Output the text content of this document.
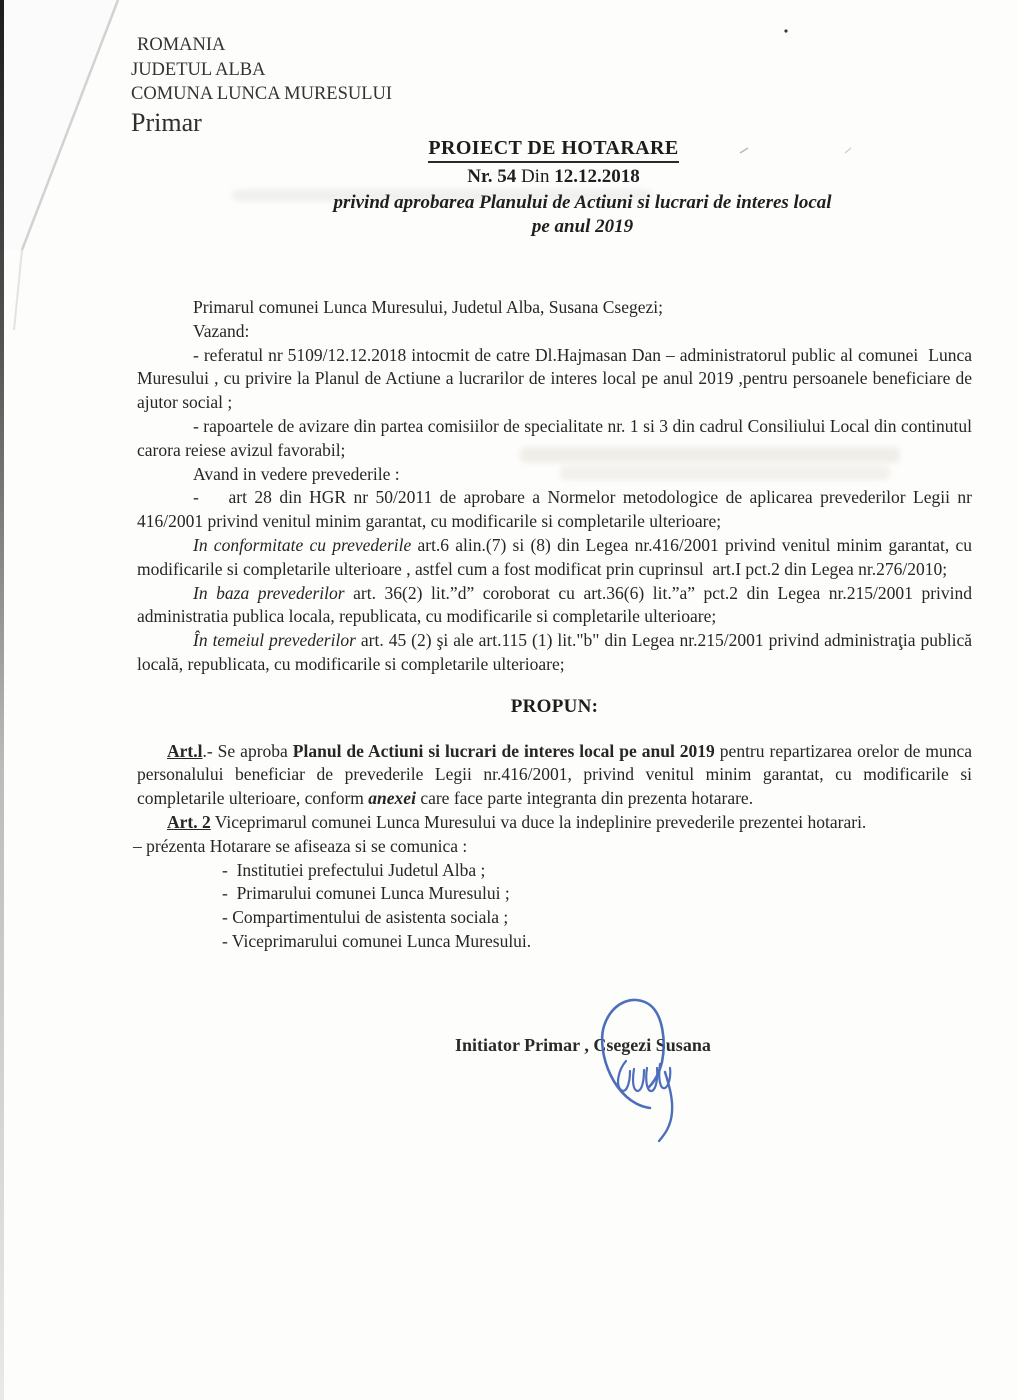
ROMANIA
JUDETUL ALBA
COMUNA LUNCA MURESULUI
Primar
PROIECT DE HOTARARE
Nr. 54 Din 12.12.2018
privind aprobarea Planului de Actiuni si lucrari de interes local
pe anul 2019

Primarul comunei Lunca Muresului, Judetul Alba, Susana Csegezi;

Vazand:

- referatul nr 5109/12.12.2018 intocmit de catre Dl.Hajmasan Dan – administratorul public al comunei  Lunca Muresului , cu privire la Planul de Actiune a lucrarilor de interes local pe anul 2019 ,pentru persoanele beneficiare de ajutor social ;

- rapoartele de avizare din partea comisiilor de specialitate nr. 1 si 3 din cadrul Consiliului Local din continutul carora reiese avizul favorabil;

Avand in vedere prevederile :

-    art 28 din HGR nr 50/2011 de aprobare a Normelor metodologice de aplicarea prevederilor Legii nr 416/2001 privind venitul minim garantat, cu modificarile si completarile ulterioare;

In conformitate cu prevederile art.6 alin.(7) si (8) din Legea nr.416/2001 privind venitul minim garantat, cu modificarile si completarile ulterioare , astfel cum a fost modificat prin cuprinsul  art.I pct.2 din Legea nr.276/2010;

In baza prevederilor art. 36(2) lit.”d” coroborat cu art.36(6) lit.”a” pct.2 din Legea nr.215/2001 privind administratia publica locala, republicata, cu modificarile si completarile ulterioare;

În temeiul prevederilor art. 45 (2) şi ale art.115 (1) lit."b" din Legea nr.215/2001 privind administraţia publică locală, republicata, cu modificarile si completarile ulterioare;

PROPUN:

Art.l.- Se aproba Planul de Actiuni si lucrari de interes local pe anul 2019 pentru repartizarea orelor de munca personalului beneficiar de prevederile Legii nr.416/2001, privind venitul minim garantat, cu modificarile si completarile ulterioare, conform anexei care face parte integranta din prezenta hotarare.

Art. 2 Viceprimarul comunei Lunca Muresului va duce la indeplinire prevederile prezentei hotarari.

– prézenta Hotarare se afiseaza si se comunica :

-  Institutiei prefectului Judetul Alba ;

-  Primarului comunei Lunca Muresului ;

- Compartimentului de asistenta sociala ;

- Viceprimarului comunei Lunca Muresului.

Initiator Primar , Csegezi Susana
